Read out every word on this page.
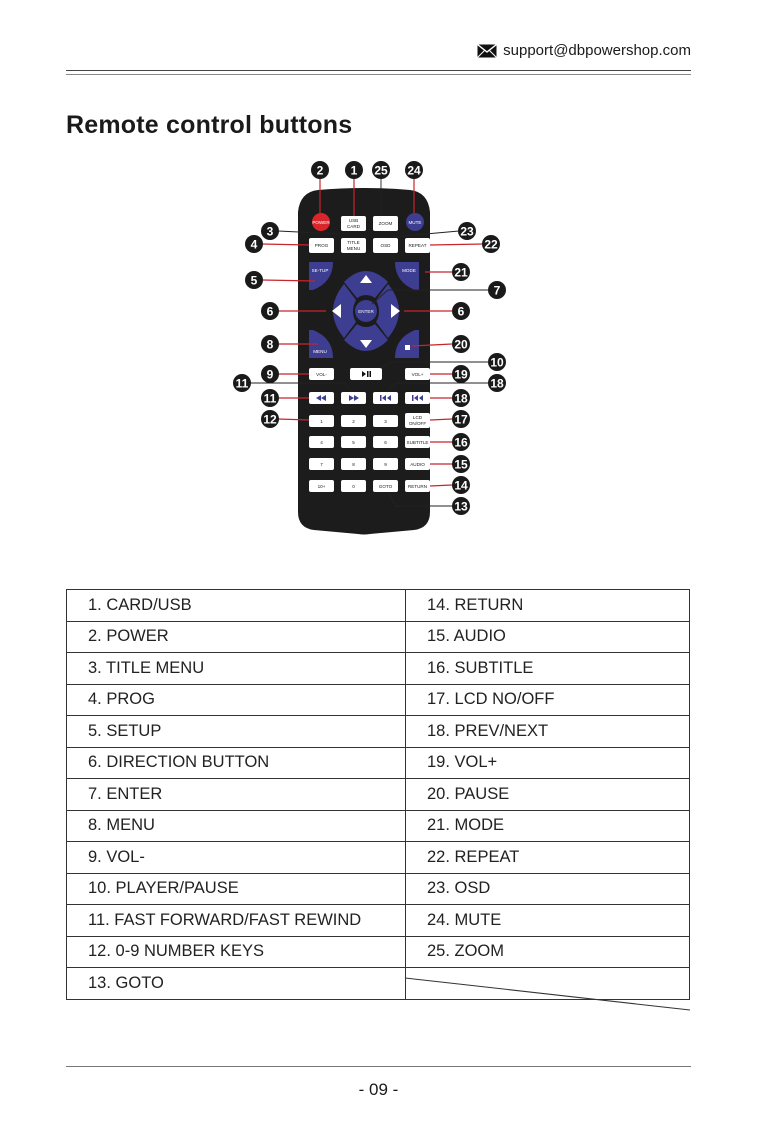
support@dbpowershop.com
Remote control buttons
POWER	USB
CARD
ZOOM	MUTE
PROG
TITLE
MENU
OSD	REPEAT
SE-TUP	MODE
ENTER
MENU
VOL-	VOL+
1	2	3
LCD
ON/OFF
4	5	6	SUBTITLE
7	8	9	AUDIO
10+	0	GOTO	RETURN
2 1 25 24
3	23
4	22
5
21
7
6	6
8	20
10
9	19
11	18
11	18
12	17
16
15
14
13
1. CARD/USB	14. RETURN
2. POWER	15. AUDIO
3. TITLE MENU	16. SUBTITLE
4. PROG	17. LCD NO/OFF
5. SETUP	18. PREV/NEXT
6. DIRECTION BUTTON	19. VOL+
7. ENTER	20. PAUSE
8. MENU	21. MODE
9. VOL-	22. REPEAT
10. PLAYER/PAUSE	23. OSD
11. FAST FORWARD/FAST REWIND	24. MUTE
12. 0-9 NUMBER KEYS	25. ZOOM
13. GOTO	
- 09 -
